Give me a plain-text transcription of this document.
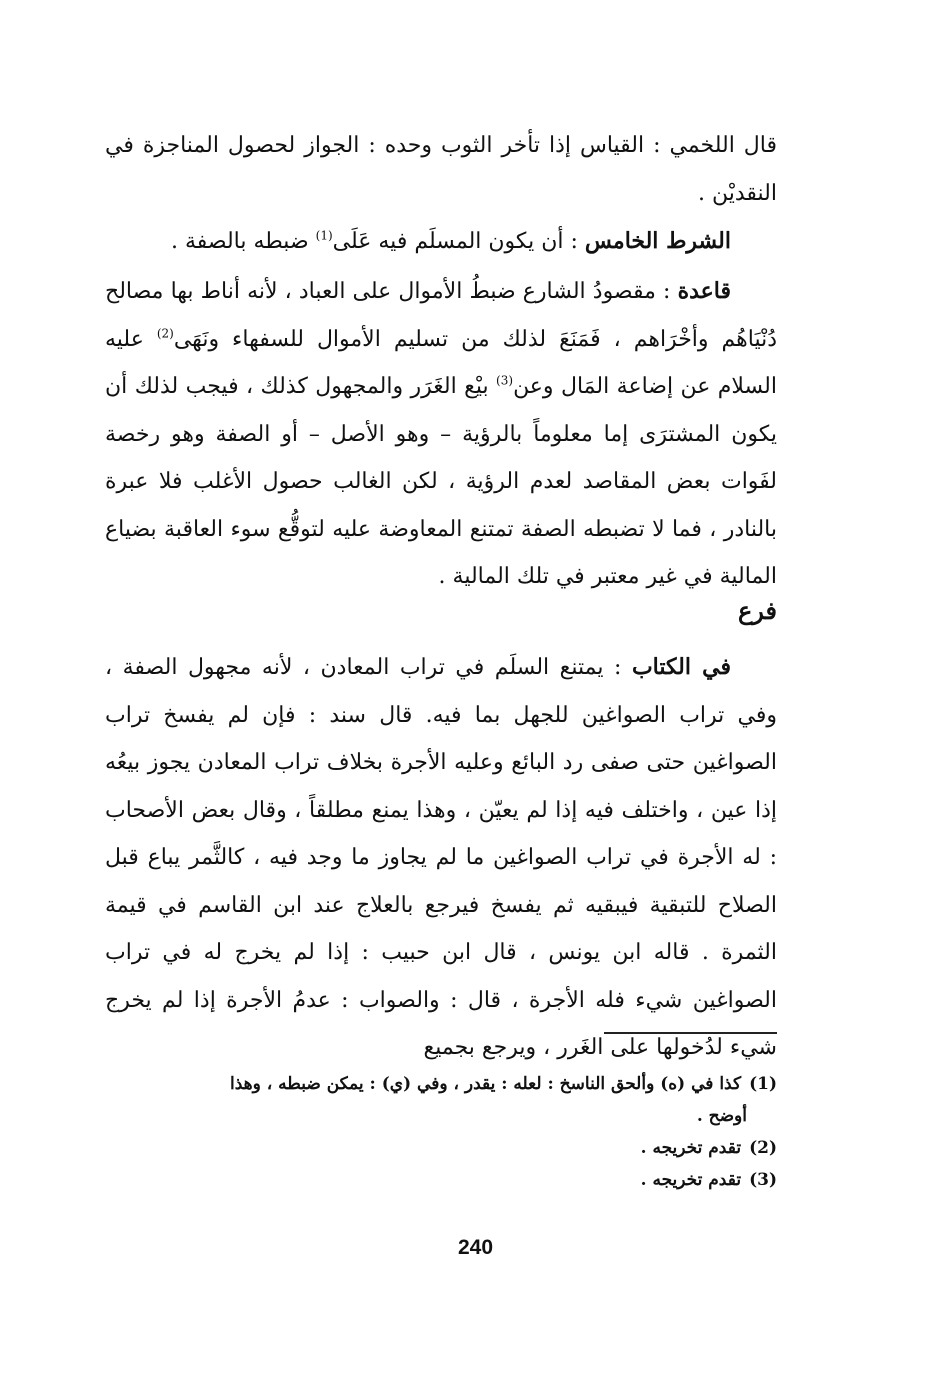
قال اللخمي : القياس إذا تأخر الثوب وحده : الجواز لحصول المناجزة في النقديْن .

الشرط الخامس : أن يكون المسلَم فيه عَلَى$^{(1)}$ ضبطه بالصفة .

قاعدة : مقصودُ الشارع ضبطُ الأموال على العباد ، لأنه أناط بها مصالح دُنْيَاهُم وأخْرَاهم ، فَمَنَعَ لذلك من تسليم الأموال للسفهاء ونَهَى$^{(2)}$ عليه السلام عن إضاعة المَال وعن$^{(3)}$ بيْع الغَرَر والمجهول كذلك ، فيجب لذلك أن يكون المشترَى إما معلوماً بالرؤية – وهو الأصل – أو الصفة وهو رخصة لفَوات بعض المقاصد لعدم الرؤية ، لكن الغالب حصول الأغلب فلا عبرة بالنادر ، فما لا تضبطه الصفة تمتنع المعاوضة عليه لتوقُّع سوء العاقبة بضياع المالية في غير معتبر في تلك المالية .

فرع

في الكتاب : يمتنع السلَم في تراب المعادن ، لأنه مجهول الصفة ، وفي تراب الصواغين للجهل بما فيه. قال سند : فإن لم يفسخ تراب الصواغين حتى صفى رد البائع وعليه الأجرة بخلاف تراب المعادن يجوز بيعُه إذا عين ، واختلف فيه إذا لم يعيّن ، وهذا يمنع مطلقاً ، وقال بعض الأصحاب : له الأجرة في تراب الصواغين ما لم يجاوز ما وجد فيه ، كالثَّمر يباع قبل الصلاح للتبقية فيبقيه ثم يفسخ فيرجع بالعلاج عند ابن القاسم في قيمة الثمرة . قاله ابن يونس ، قال ابن حبيب : إذا لم يخرج له في تراب الصواغين شيء فله الأجرة ، قال : والصواب : عدمُ الأجرة إذا لم يخرج شيء لدُخولها على الغَرر ، ويرجع بجميع

(1) كذا في (ه) وألحق الناسخ : لعله : يقدر ، وفي (ي) : يمكن ضبطه ، وهذا

أوضح .

(2) تقدم تخريجه .

(3) تقدم تخريجه .

240
